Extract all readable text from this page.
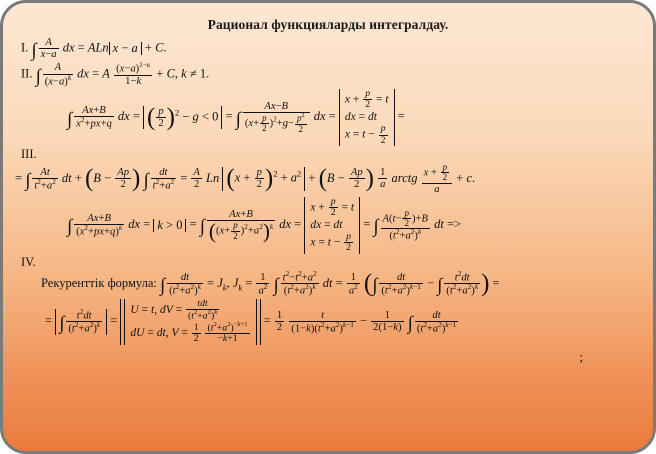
Рационал функцияларды интегралдау.
I. ∫ $\frac{A}{x-a}$ dx = ALn x − a + C.
II. ∫ $\frac{A}{(x-a)^k}$ dx = A $\frac{(x-a)^{1-к}}{1-k} + C$, k ≠ 1.
∫ $\frac{Ax+B}{x^2+px+q}$ dx = ( $\frac{p}{2} )^2 - g < 0$ = ∫ $\frac{Ax-B}{(x+ \frac{p}{2} )^2+g- \frac{p^2}{2}}$ dx =
$x + \frac{p}{2} = t$
dx = dt
$x = t - \frac{p}{2}$
=
III.
= ∫ $\frac{At}{t^2+a^2}$ dt + ($B - \frac{Ap}{2}$ ) ∫ $\frac{dt}{t^2+a^2} = \frac{A}{2}$ Ln $(x + \frac{p}{2} )^2 + a^2 + (B - \frac{Ap}{2}$ ) $\frac{1}{a}$ arctg $\frac{x + \frac{p}{2}}{a} + c$.
∫ $\frac{Ax+B}{(x^2+px+q)^k}$ dx = k > 0 = ∫ $\frac{Ax+B}{((x+ \frac{p}{2} )^2+a^2)^k}$ dx =
$x + \frac{p}{2} = t$
dx = dt
$x = t - \frac{p}{2}$
= ∫ $\frac{A(t- \frac{p}{2} )+B}{(t^2+a^2)^k}$ dt =>
IV.
Рекуренттік формула: ∫ $\frac{dt}{(t^2+a^2)^k} = J_k$, $J_k = \frac{1}{a^2}$ ∫ $\frac{t^2-t^2+a^2}{(t^2+a^2)^k}$ dt = $\frac{1}{a^2}$ (∫ $\frac{dt}{(t^2+a^2)^{k-1}}$ − ∫ $\frac{t^2dt}{(t^2+a^2)^k}$ ) =
= ∫ $\frac{t^2dt}{(t^2+a^2)^k}$ =
U = t, dV = $\frac{\text{tdt}}{(t^2+a^2)^k}$
dU = dt, $V = \frac{1}{2}$
$\frac{(t^2+a^2)^{-k+1}}{-k+1}$
= $\frac{1}{2}$
$\frac{t}{(1-k)(t^2+a^2)^{k-1}} - \frac{1}{2(1-k)}$ ∫ $\frac{dt}{(t^2+a^2)^{k-1}}$
;
